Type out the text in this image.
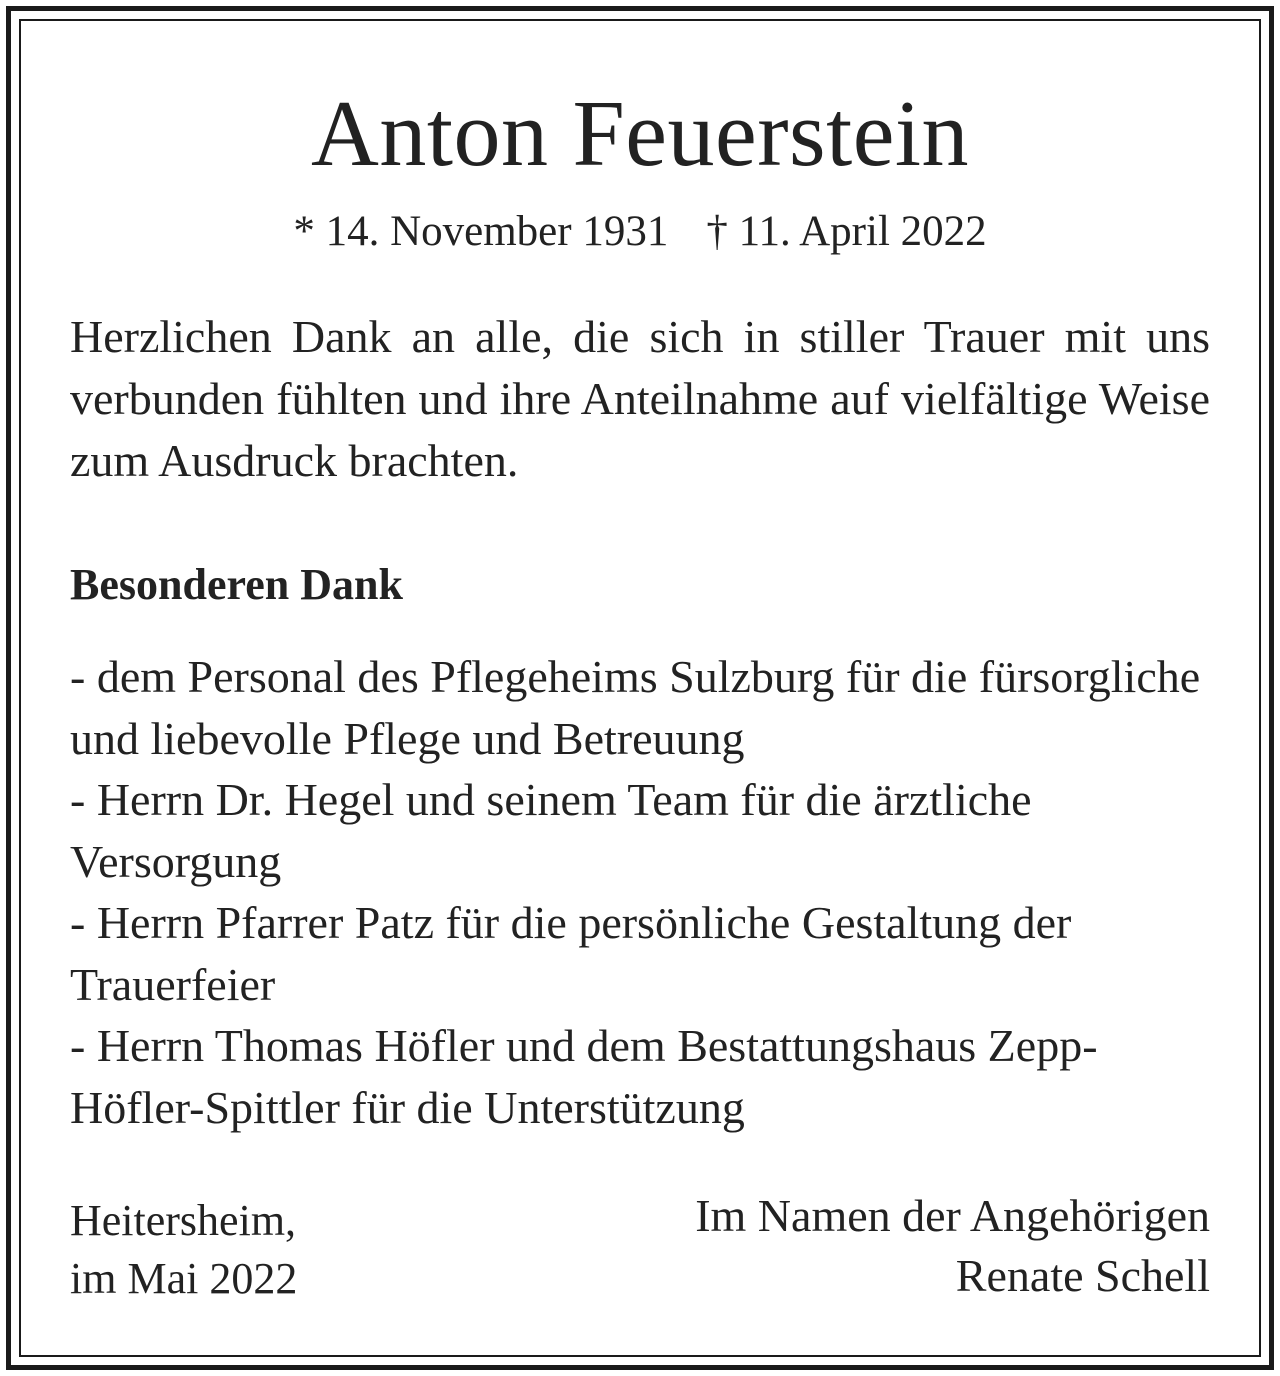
Anton Feuerstein
* 14. November 1931 † 11. April 2022

Herzlichen Dank an alle, die sich in stiller Trauer mit uns verbunden fühlten und ihre Anteilnahme auf vielfältige Weise zum Ausdruck brachten.

Besonderen Dank

- dem Personal des Pflegeheims Sulzburg für die fürsorgliche und liebevolle Pflege und Betreuung
- Herrn Dr. Hegel und seinem Team für die ärztliche Versorgung
- Herrn Pfarrer Patz für die persönliche Gestaltung der Trauerfeier
- Herrn Thomas Höfler und dem Bestattungshaus Zepp-Höfler-Spittler für die Unterstützung
Heitersheim,
im Mai 2022
Im Namen der Angehörigen
Renate Schell
